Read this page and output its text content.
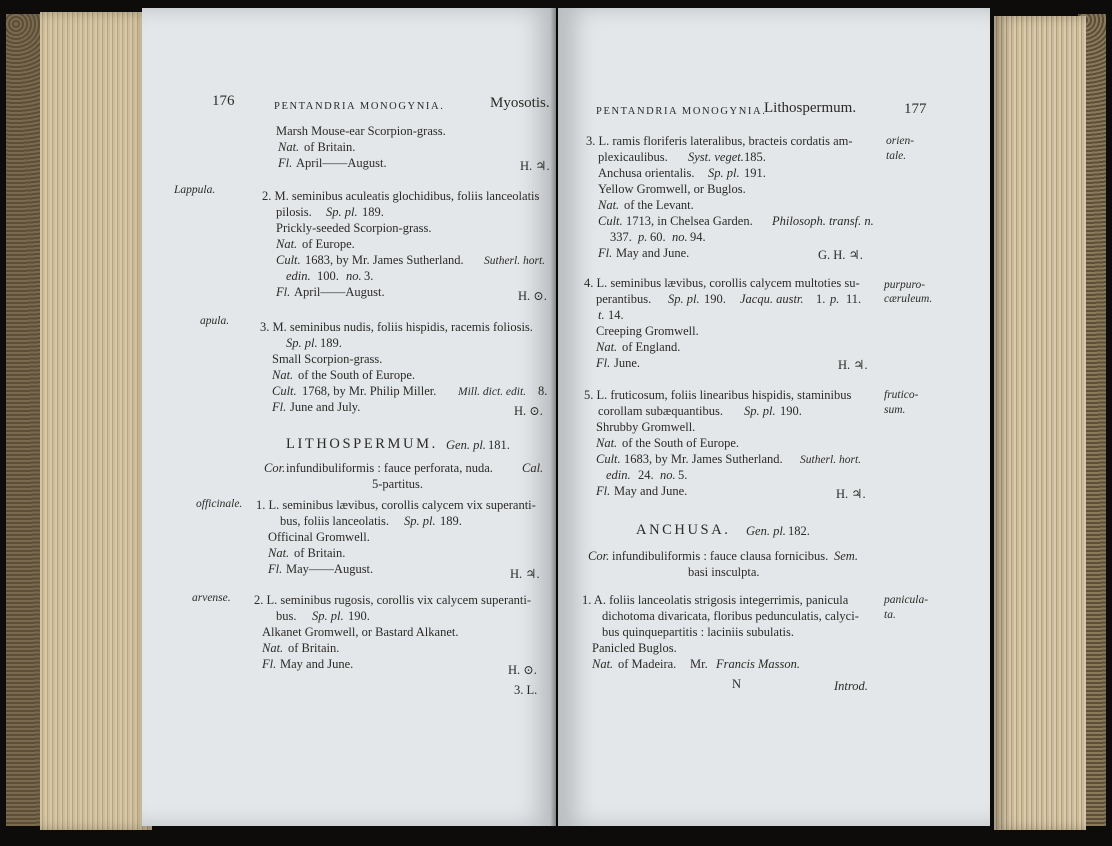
176	PENTANDRIA MONOGYNIA.	Myosotis.
Marsh Mouse-ear Scorpion-grass.
Nat. of Britain.
Fl. April——August.	H. ♃.
Lappula.	2. M. seminibus aculeatis glochidibus, foliis lanceolatis
pilosis. Sp. pl. 189.
Prickly-seeded Scorpion-grass.
Nat. of Europe.
Cult. 1683, by Mr. James Sutherland. Sutherl. hort.
edin. 100. no. 3.
Fl. April——August.	H. ⊙.
apula. 3. M. seminibus nudis, foliis hispidis, racemis foliosis.
Sp. pl. 189.
Small Scorpion-grass.
Nat. of the South of Europe.
Cult. 1768, by Mr. Philip Miller. Mill. dict. edit. 8.
Fl. June and July.	H. ⊙.
LITHOSPERMUM. Gen. pl. 181.
Cor. infundibuliformis : fauce perforata, nuda. Cal.
5-partitus.
officinale. 1. L. seminibus lævibus, corollis calycem vix superanti-
bus, foliis lanceolatis. Sp. pl. 189.
Officinal Gromwell.
Nat. of Britain.
Fl. May——August.	H. ♃.
arvense. 2. L. seminibus rugosis, corollis vix calycem superanti-
bus. Sp. pl. 190.
Alkanet Gromwell, or Bastard Alkanet.
Nat. of Britain.
Fl. May and June.	H. ⊙.
3. L.
PENTANDRIA MONOGYNIA.
Lithospermum.	177
orien-
tale.
3. L. ramis floriferis lateralibus, bracteis cordatis am-
plexicaulibus. Syst. veget. 185.
Anchusa orientalis. Sp. pl. 191.
Yellow Gromwell, or Buglos.
Nat. of the Levant.
Cult. 1713, in Chelsea Garden. Philosoph. transf. n.
337. p. 60. no. 94.
Fl. May and June.	G. H. ♃.
purpuro-
cæruleum.
4. L. seminibus lævibus, corollis calycem multoties su-
perantibus. Sp. pl. 190. Jacqu. austr. 1. p. 11.
t. 14.
Creeping Gromwell.
Nat. of England.
Fl. June.	H. ♃.
frutico-
sum.
5. L. fruticosum, foliis linearibus hispidis, staminibus
corollam subæquantibus. Sp. pl. 190.
Shrubby Gromwell.
Nat. of the South of Europe.
Cult. 1683, by Mr. James Sutherland. Sutherl. hort.
edin. 24. no. 5.
Fl. May and June.	H. ♃.
ANCHUSA. Gen. pl. 182.
Cor. infundibuliformis : fauce clausa fornicibus. Sem.
basi insculpta.
panicula-
ta.
1. A. foliis lanceolatis strigosis integerrimis, panicula
dichotoma divaricata, floribus pedunculatis, calyci-
bus quinquepartitis : laciniis subulatis.
Panicled Buglos.
Nat. of Madeira. Mr. Francis Masson.
N	Introd.
